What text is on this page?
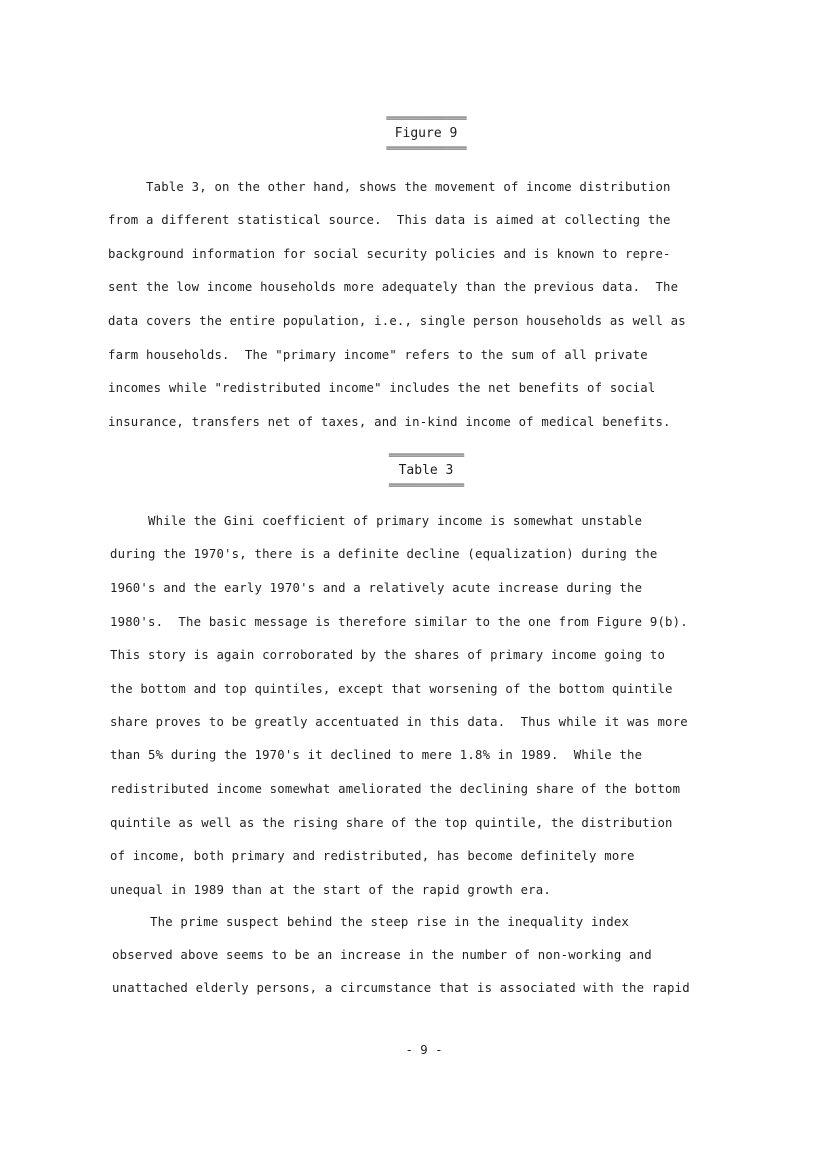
================
Figure 9
================

Table 3, on the other hand, shows the movement of income distribution

from a different statistical source.  This data is aimed at collecting the

background information for social security policies and is known to repre-

sent the low income households more adequately than the previous data.  The

data covers the entire population, i.e., single person households as well as

farm households.  The "primary income" refers to the sum of all private

incomes while "redistributed income" includes the net benefits of social

insurance, transfers net of taxes, and in-kind income of medical benefits.

===============
Table 3
===============

While the Gini coefficient of primary income is somewhat unstable

during the 1970's, there is a definite decline (equalization) during the

1960's and the early 1970's and a relatively acute increase during the

1980's.  The basic message is therefore similar to the one from Figure 9(b).

This story is again corroborated by the shares of primary income going to

the bottom and top quintiles, except that worsening of the bottom quintile

share proves to be greatly accentuated in this data.  Thus while it was more

than 5% during the 1970's it declined to mere 1.8% in 1989.  While the

redistributed income somewhat ameliorated the declining share of the bottom

quintile as well as the rising share of the top quintile, the distribution

of income, both primary and redistributed, has become definitely more

unequal in 1989 than at the start of the rapid growth era.

The prime suspect behind the steep rise in the inequality index

observed above seems to be an increase in the number of non-working and

unattached elderly persons, a circumstance that is associated with the rapid

- 9 -
